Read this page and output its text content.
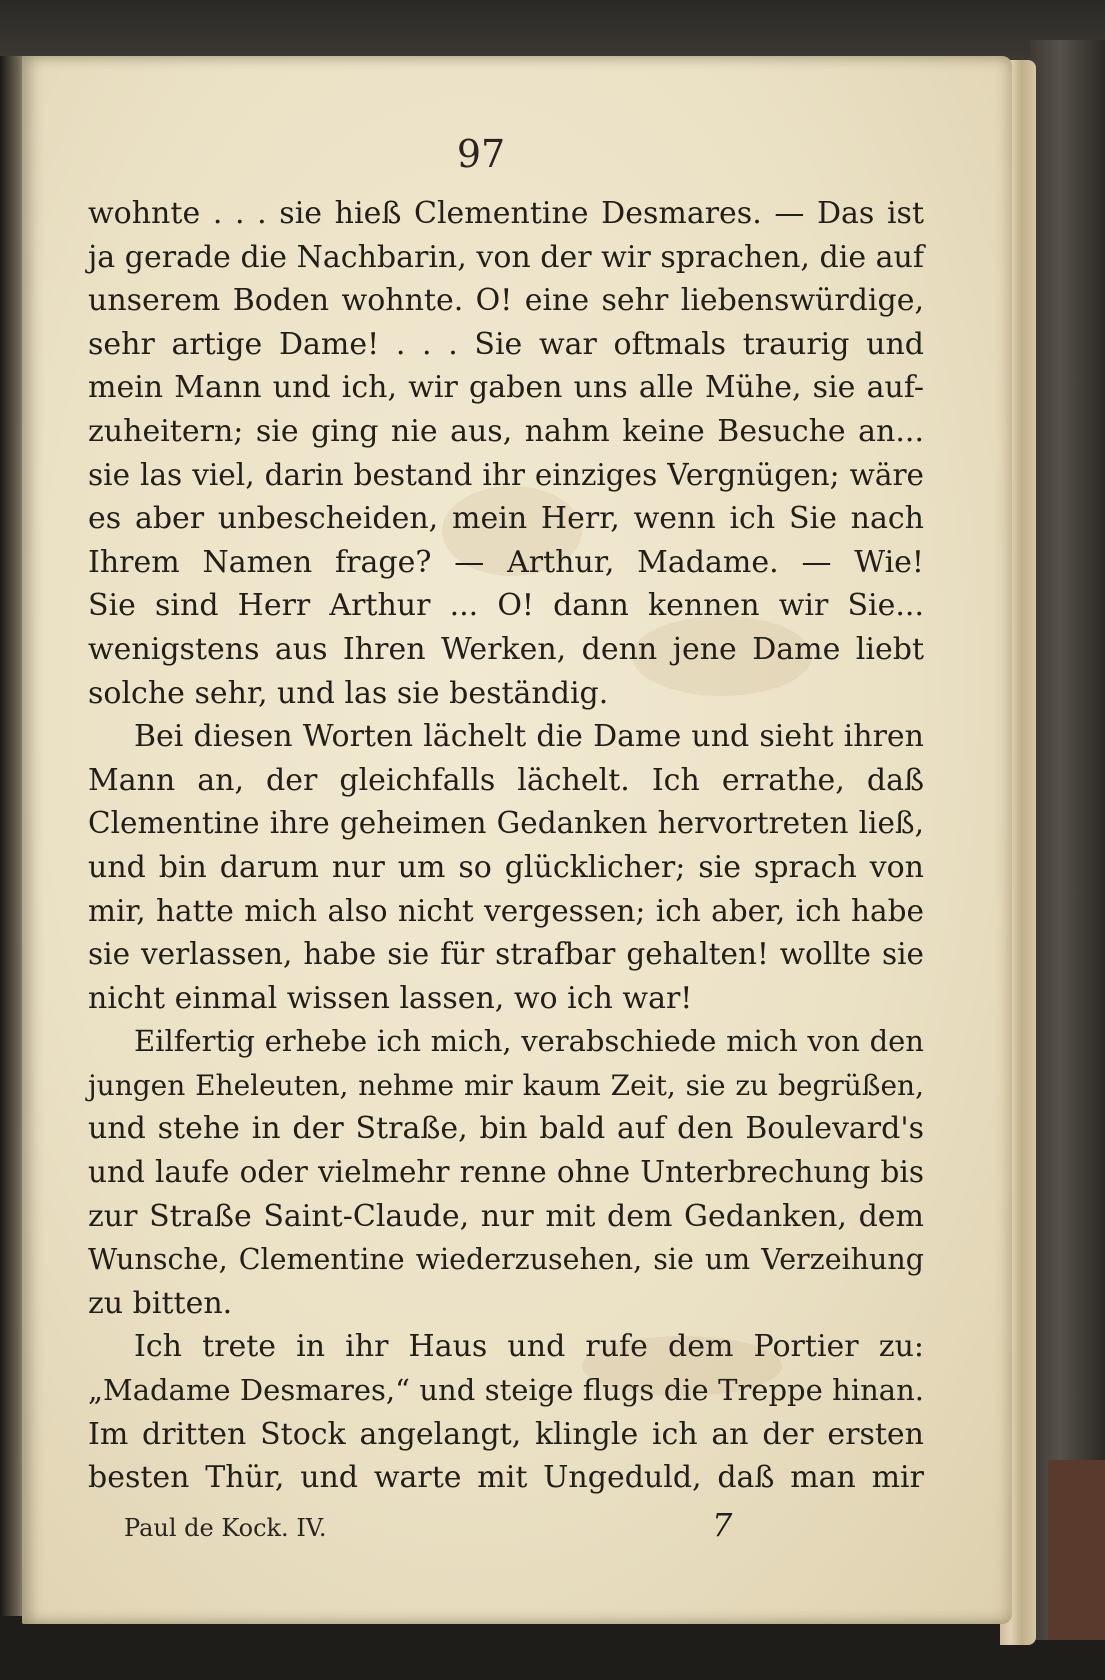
97
wohnte . . . sie hieß Clementine Desmares. — Das ist
ja gerade die Nachbarin, von der wir sprachen, die auf
unserem Boden wohnte. O! eine sehr liebenswürdige,
sehr artige Dame! . . . Sie war oftmals traurig und
mein Mann und ich, wir gaben uns alle Mühe, sie auf-
zuheitern; sie ging nie aus, nahm keine Besuche an...
sie las viel, darin bestand ihr einziges Vergnügen; wäre
es aber unbescheiden, mein Herr, wenn ich Sie nach
Ihrem Namen frage? — Arthur, Madame. — Wie!
Sie sind Herr Arthur ... O! dann kennen wir Sie...
wenigstens aus Ihren Werken, denn jene Dame liebt
solche sehr, und las sie beständig.
Bei diesen Worten lächelt die Dame und sieht ihren
Mann an, der gleichfalls lächelt. Ich errathe, daß
Clementine ihre geheimen Gedanken hervortreten ließ,
und bin darum nur um so glücklicher; sie sprach von
mir, hatte mich also nicht vergessen; ich aber, ich habe
sie verlassen, habe sie für strafbar gehalten! wollte sie
nicht einmal wissen lassen, wo ich war!
Eilfertig erhebe ich mich, verabschiede mich von den
jungen Eheleuten, nehme mir kaum Zeit, sie zu begrüßen,
und stehe in der Straße, bin bald auf den Boulevard's
und laufe oder vielmehr renne ohne Unterbrechung bis
zur Straße Saint-Claude, nur mit dem Gedanken, dem
Wunsche, Clementine wiederzusehen, sie um Verzeihung
zu bitten.
Ich trete in ihr Haus und rufe dem Portier zu:
„Madame Desmares,“ und steige flugs die Treppe hinan.
Im dritten Stock angelangt, klingle ich an der ersten
besten Thür, und warte mit Ungeduld, daß man mir
Paul de Kock. IV.	7
